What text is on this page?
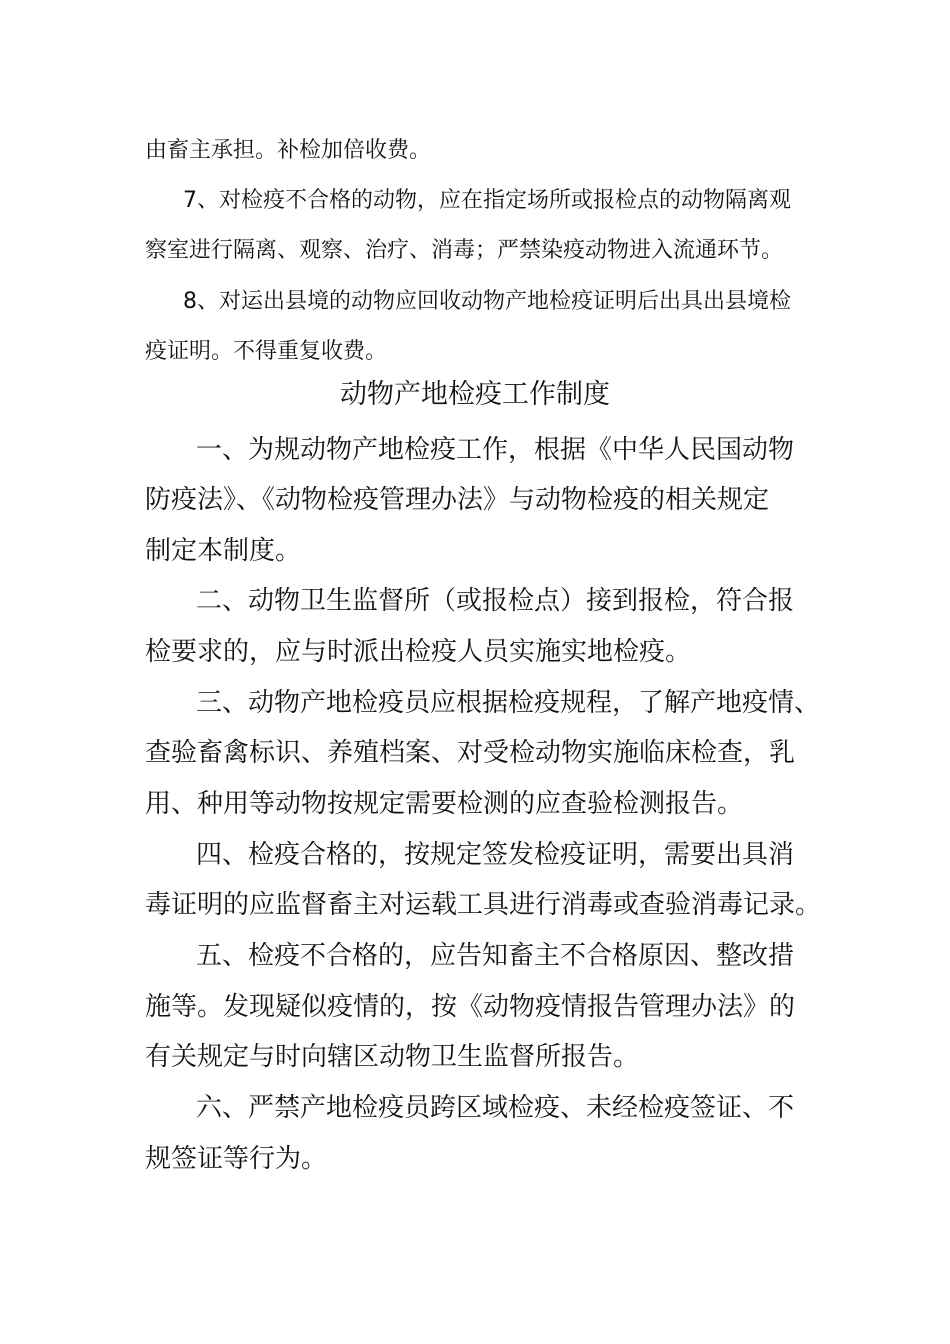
由畜主承担。补检加倍收费。
7、对检疫不合格的动物，应在指定场所或报检点的动物隔离观
察室进行隔离、观察、治疗、消毒；严禁染疫动物进入流通环节。
8、对运出县境的动物应回收动物产地检疫证明后出具出县境检
疫证明。不得重复收费。
动物产地检疫工作制度
一、为规动物产地检疫工作，根据《中华人民国动物
防疫法》、《动物检疫管理办法》与动物检疫的相关规定
制定本制度。
二、动物卫生监督所（或报检点）接到报检，符合报
检要求的，应与时派出检疫人员实施实地检疫。
三、动物产地检疫员应根据检疫规程，了解产地疫情、
查验畜禽标识、养殖档案、对受检动物实施临床检查，乳
用、种用等动物按规定需要检测的应查验检测报告。
四、检疫合格的，按规定签发检疫证明，需要出具消
毒证明的应监督畜主对运载工具进行消毒或查验消毒记录。
五、检疫不合格的，应告知畜主不合格原因、整改措
施等。发现疑似疫情的，按《动物疫情报告管理办法》的
有关规定与时向辖区动物卫生监督所报告。
六、严禁产地检疫员跨区域检疫、未经检疫签证、不
规签证等行为。
